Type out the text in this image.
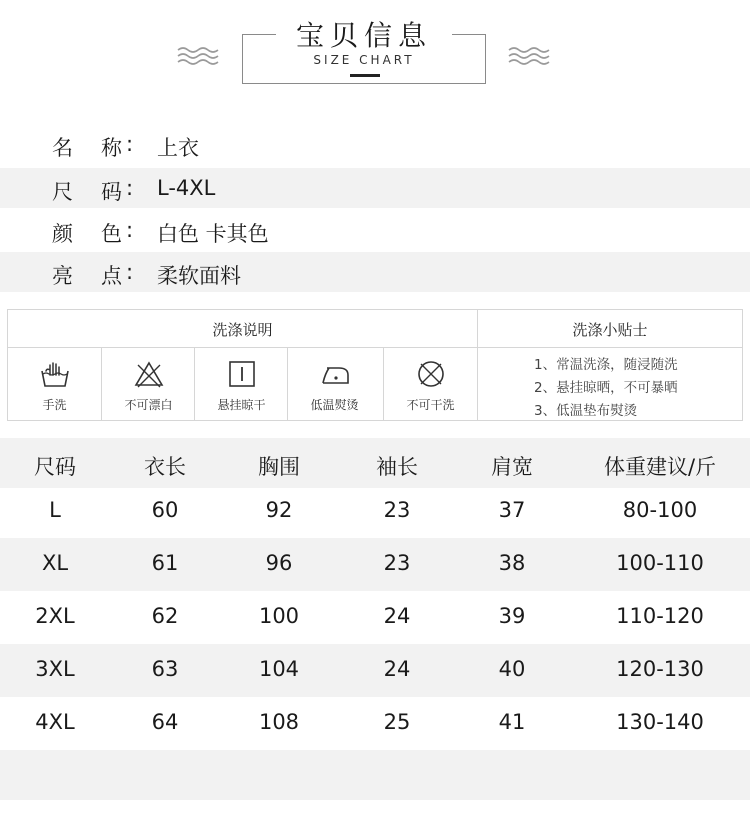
宝贝信息
SIZE CHART
名 称 : 上衣
尺 码 : L-4XL
颜 色 : 白色 卡其色
亮 点 : 柔软面料
洗涤说明	洗涤小贴士
手洗	不可漂白	悬挂晾干	低温熨烫	不可干洗
1、常温洗涤，随浸随洗
2、悬挂晾晒，不可暴晒
3、低温垫布熨烫
尺码	衣长	胸围	袖长	肩宽	体重建议/斤
L	60	92	23	37	80-100
XL	61	96	23	38	100-110
2XL	62	100	24	39	110-120
3XL	63	104	24	40	120-130
4XL	64	108	25	41	130-140
